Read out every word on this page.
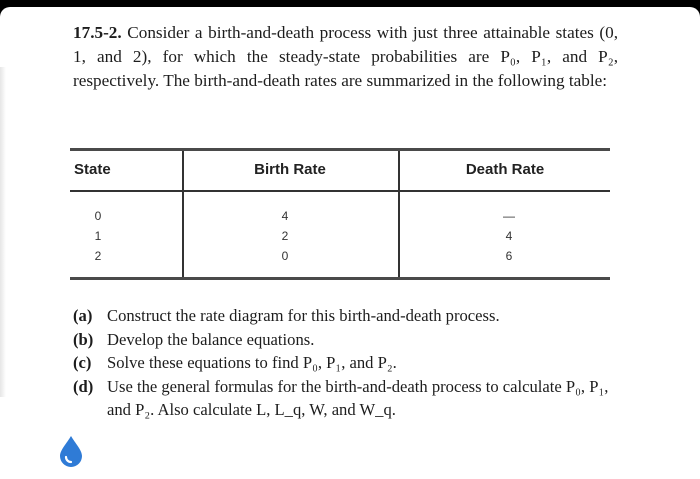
17.5-2. Consider a birth-and-death process with just three attainable states (0, 1, and 2), for which the steady-state probabilities are P₀, P₁, and P₂, respectively. The birth-and-death rates are summarized in the following table:

State	Birth Rate	Death Rate
0
1
2
4
2
0
—
4
6
(a) Construct the rate diagram for this birth-and-death process.
(b) Develop the balance equations.
(c) Solve these equations to find P₀, P₁, and P₂.
(d) Use the general formulas for the birth-and-death process to calculate P₀, P₁, and P₂. Also calculate L, L_q, W, and W_q.
